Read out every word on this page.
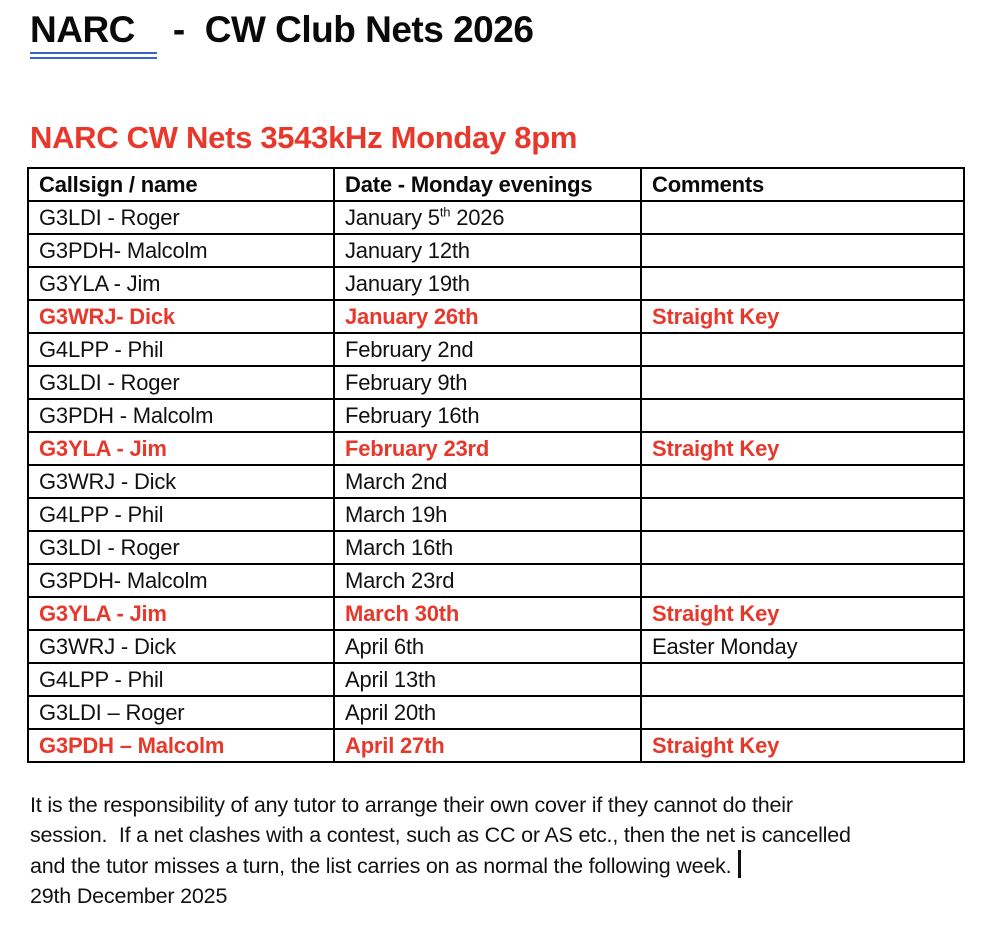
NARC - CW Club Nets 2026
NARC CW Nets 3543kHz Monday 8pm
Callsign / name	Date - Monday evenings	Comments
G3LDI - Roger	January 5th 2026	
G3PDH- Malcolm	January 12th	
G3YLA - Jim	January 19th	
G3WRJ- Dick	January 26th	Straight Key
G4LPP - Phil	February 2nd	
G3LDI - Roger	February 9th	
G3PDH - Malcolm	February 16th	
G3YLA - Jim	February 23rd	Straight Key
G3WRJ - Dick	March 2nd	
G4LPP - Phil	March 19h	
G3LDI - Roger	March 16th	
G3PDH- Malcolm	March 23rd	
G3YLA - Jim	March 30th	Straight Key
G3WRJ - Dick	April 6th	Easter Monday
G4LPP - Phil	April 13th	
G3LDI – Roger	April 20th	
G3PDH – Malcolm	April 27th	Straight Key

It is the responsibility of any tutor to arrange their own cover if they cannot do their
session.  If a net clashes with a contest, such as CC or AS etc., then the net is cancelled
and the tutor misses a turn, the list carries on as normal the following week.

29th December 2025
